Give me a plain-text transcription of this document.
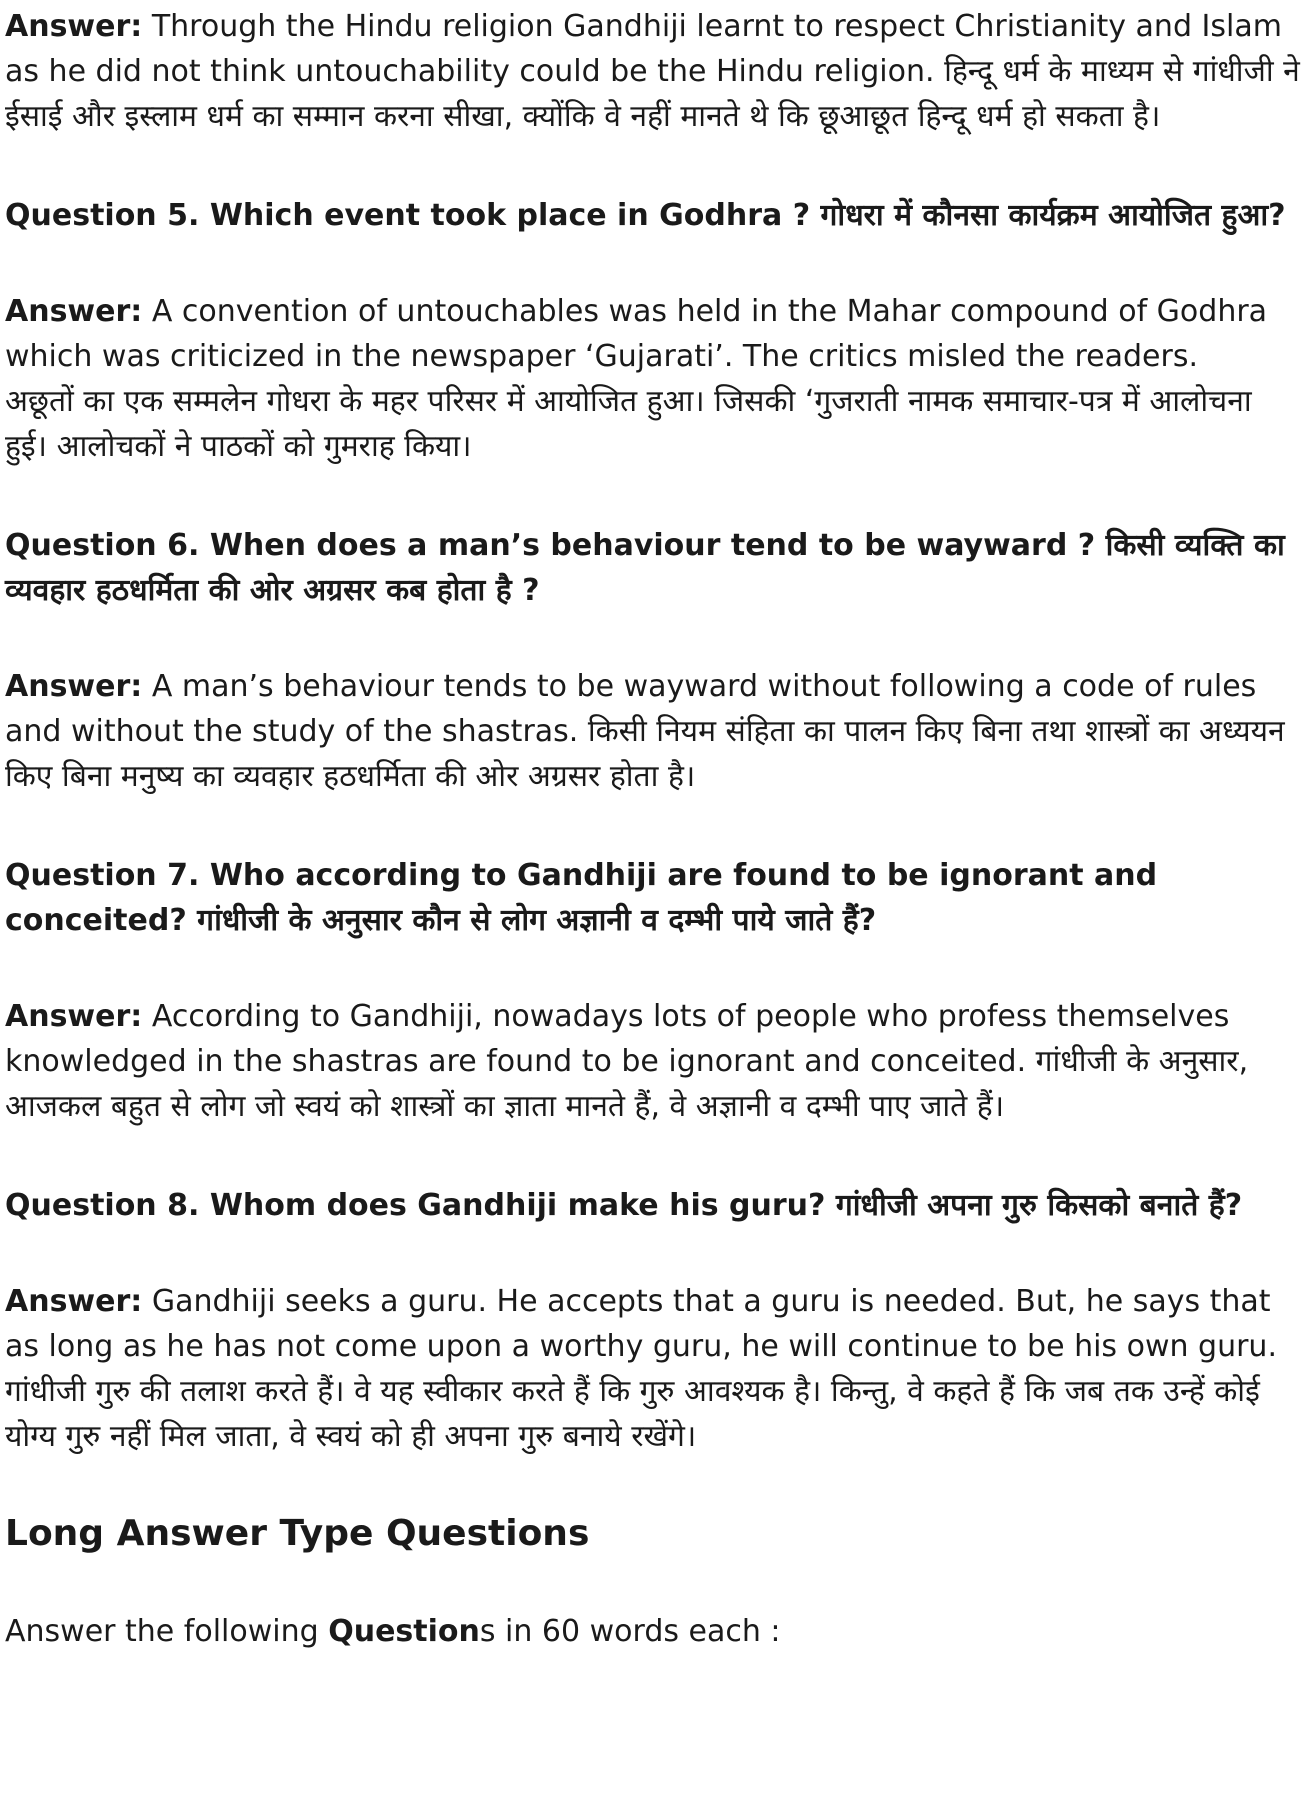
Answer: Through the Hindu religion Gandhiji learnt to respect Christianity and Islam as he did not think untouchability could be the Hindu religion. हिन्दू धर्म के माध्यम से गांधीजी ने ईसाई और इस्लाम धर्म का सम्मान करना सीखा, क्योंकि वे नहीं मानते थे कि छूआछूत हिन्दू धर्म हो सकता है।

Question 5. Which event took place in Godhra ? गोधरा में कौनसा कार्यक्रम आयोजित हुआ?

Answer: A convention of untouchables was held in the Mahar compound of Godhra which was criticized in the newspaper ‘Gujarati’. The critics misled the readers.
अछूतों का एक सम्मलेन गोधरा के महर परिसर में आयोजित हुआ। जिसकी ‘गुजराती नामक समाचार-पत्र में आलोचना हुई। आलोचकों ने पाठकों को गुमराह किया।

Question 6. When does a man’s behaviour tend to be wayward ? किसी व्यक्ति का व्यवहार हठधर्मिता की ओर अग्रसर कब होता है ?

Answer: A man’s behaviour tends to be wayward without following a code of rules and without the study of the shastras. किसी नियम संहिता का पालन किए बिना तथा शास्त्रों का अध्ययन किए बिना मनुष्य का व्यवहार हठधर्मिता की ओर अग्रसर होता है।

Question 7. Who according to Gandhiji are found to be ignorant and conceited? गांधीजी के अनुसार कौन से लोग अज्ञानी व दम्भी पाये जाते हैं?

Answer: According to Gandhiji, nowadays lots of people who profess themselves knowledged in the shastras are found to be ignorant and conceited. गांधीजी के अनुसार, आजकल बहुत से लोग जो स्वयं को शास्त्रों का ज्ञाता मानते हैं, वे अज्ञानी व दम्भी पाए जाते हैं।

Question 8. Whom does Gandhiji make his guru? गांधीजी अपना गुरु किसको बनाते हैं?

Answer: Gandhiji seeks a guru. He accepts that a guru is needed. But, he says that as long as he has not come upon a worthy guru, he will continue to be his own guru.
गांधीजी गुरु की तलाश करते हैं। वे यह स्वीकार करते हैं कि गुरु आवश्यक है। किन्तु, वे कहते हैं कि जब तक उन्हें कोई योग्य गुरु नहीं मिल जाता, वे स्वयं को ही अपना गुरु बनाये रखेंगे।

Long Answer Type Questions

Answer the following Questions in 60 words each :
